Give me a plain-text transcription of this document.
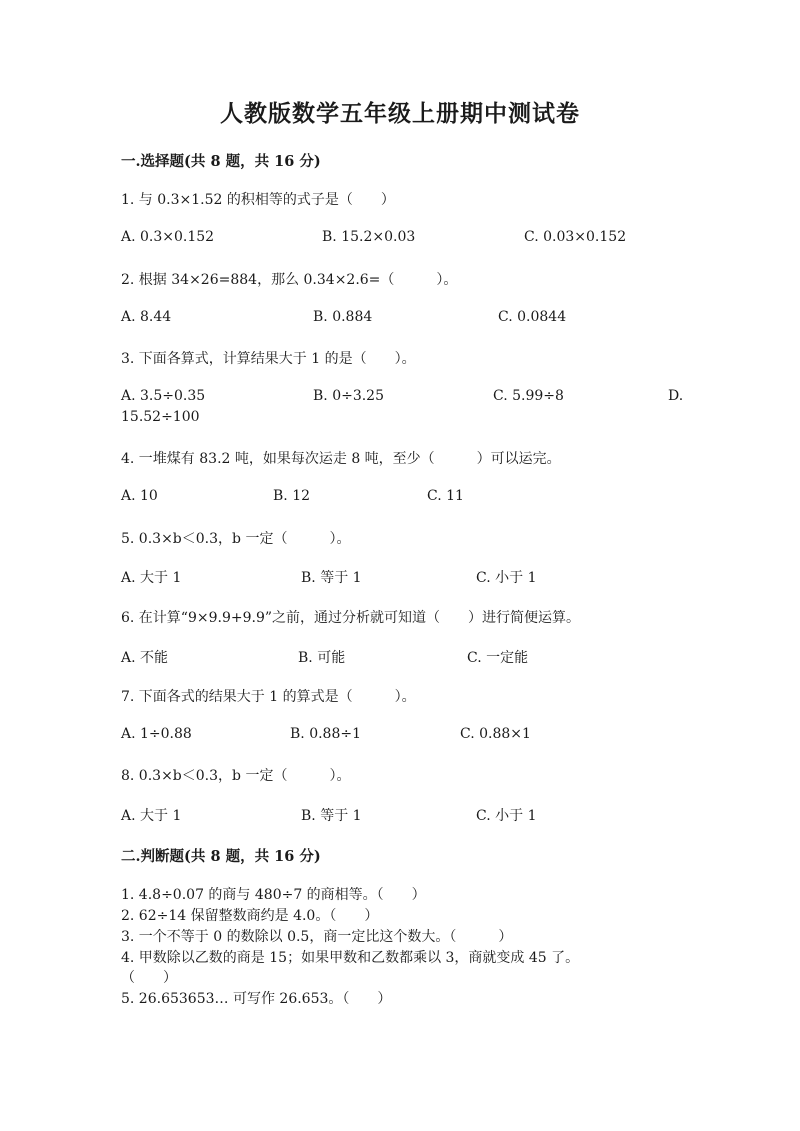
人教版数学五年级上册期中测试卷
一.选择题(共 8 题，共 16 分)
1. 与 0.3×1.52 的积相等的式子是（　　）
A. 0.3×0.152	B. 15.2×0.03	C. 0.03×0.152
2. 根据 34×26=884，那么 0.34×2.6=（　　　）。
A. 8.44	B. 0.884	C. 0.0844
3. 下面各算式，计算结果大于 1 的是（　　）。
A. 3.5÷0.35	B. 0÷3.25	C. 5.99÷8	D.
15.52÷100
4. 一堆煤有 83.2 吨，如果每次运走 8 吨，至少（　　　）可以运完。
A. 10	B. 12	C. 11
5. 0.3×b＜0.3，b 一定（　　　）。
A. 大于 1	B. 等于 1	C. 小于 1
6. 在计算“9×9.9+9.9”之前，通过分析就可知道（　　）进行简便运算。
A. 不能	B. 可能	C. 一定能
7. 下面各式的结果大于 1 的算式是（　　　）。
A. 1÷0.88	B. 0.88÷1	C. 0.88×1
8. 0.3×b＜0.3，b 一定（　　　）。
A. 大于 1	B. 等于 1	C. 小于 1
二.判断题(共 8 题，共 16 分)
1. 4.8÷0.07 的商与 480÷7 的商相等。（　　）
2. 62÷14 保留整数商约是 4.0。（　　）
3. 一个不等于 0 的数除以 0.5，商一定比这个数大。（　　　）
4. 甲数除以乙数的商是 15；如果甲数和乙数都乘以 3，商就变成 45 了。
（　　）
5. 26.653653… 可写作 26.653。（　　）
